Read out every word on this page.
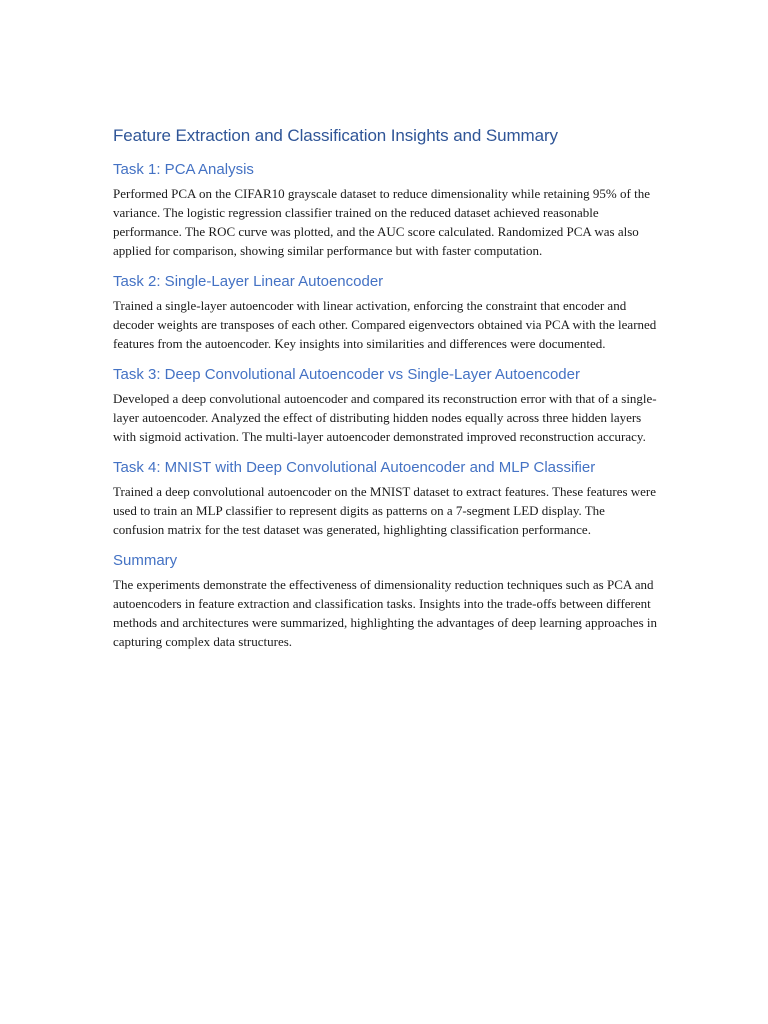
Feature Extraction and Classification Insights and Summary
Task 1: PCA Analysis

Performed PCA on the CIFAR10 grayscale dataset to reduce dimensionality while retaining 95% of the variance. The logistic regression classifier trained on the reduced dataset achieved reasonable performance. The ROC curve was plotted, and the AUC score calculated. Randomized PCA was also applied for comparison, showing similar performance but with faster computation.

Task 2: Single-Layer Linear Autoencoder

Trained a single-layer autoencoder with linear activation, enforcing the constraint that encoder and decoder weights are transposes of each other. Compared eigenvectors obtained via PCA with the learned features from the autoencoder. Key insights into similarities and differences were documented.

Task 3: Deep Convolutional Autoencoder vs Single-Layer Autoencoder

Developed a deep convolutional autoencoder and compared its reconstruction error with that of a single-layer autoencoder. Analyzed the effect of distributing hidden nodes equally across three hidden layers with sigmoid activation. The multi-layer autoencoder demonstrated improved reconstruction accuracy.

Task 4: MNIST with Deep Convolutional Autoencoder and MLP Classifier

Trained a deep convolutional autoencoder on the MNIST dataset to extract features. These features were used to train an MLP classifier to represent digits as patterns on a 7-segment LED display. The confusion matrix for the test dataset was generated, highlighting classification performance.

Summary

The experiments demonstrate the effectiveness of dimensionality reduction techniques such as PCA and autoencoders in feature extraction and classification tasks. Insights into the trade-offs between different methods and architectures were summarized, highlighting the advantages of deep learning approaches in capturing complex data structures.
